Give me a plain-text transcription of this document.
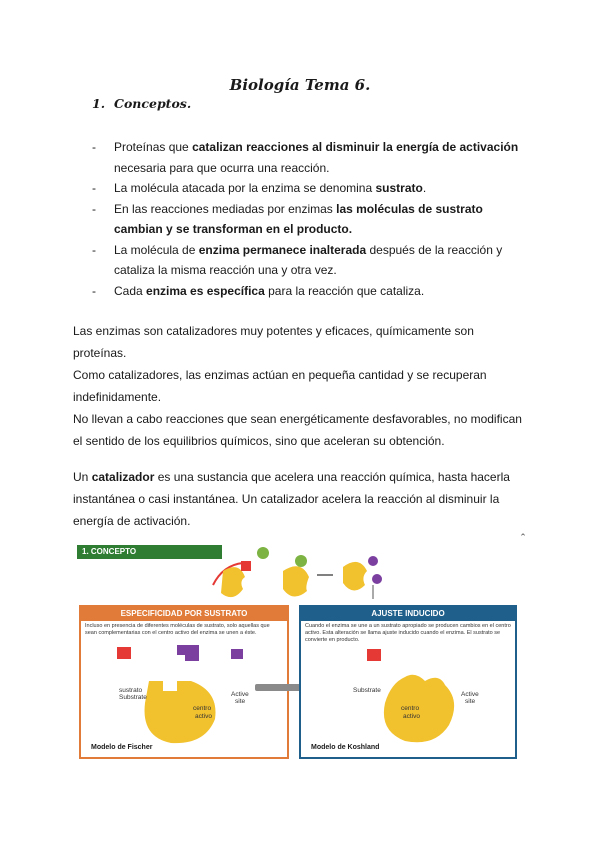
Biología Tema 6.
1. Conceptos.
- Proteínas que catalizan reacciones al disminuir la energía de activación
necesaria para que ocurra una reacción.
- La molécula atacada por la enzima se denomina sustrato.
- En las reacciones mediadas por enzimas las moléculas de sustrato
cambian y se transforman en el producto.
- La molécula de enzima permanece inalterada después de la reacción y
cataliza la misma reacción una y otra vez.
- Cada enzima es específica para la reacción que cataliza.

Las enzimas son catalizadores muy potentes y eficaces, químicamente son
proteínas.
Como catalizadores, las enzimas actúan en pequeña cantidad y se recuperan
indefinidamente.
No llevan a cabo reacciones que sean energéticamente desfavorables, no modifican
el sentido de los equilibrios químicos, sino que aceleran su obtención.

Un catalizador es una sustancia que acelera una reacción química, hasta hacerla
instantánea o casi instantánea. Un catalizador acelera la reacción al disminuir la
energía de activación.

1. CONCEPTO
ESPECIFICIDAD POR SUSTRATO
Incluso en presencia de diferentes moléculas de sustrato, solo aquellas que sean complementarias con el centro activo del enzima se unen a éste.
sustrato
Substrate
centro
activo
Active
site
Modelo de Fischer
AJUSTE INDUCIDO
Cuando el enzima se une a un sustrato apropiado se producen cambios en el centro activo. Esta alteración se llama ajuste inducido cuando el enzima. El sustrato se convierte en producto.
Substrate
centro
activo
Active
site
Modelo de Koshland
